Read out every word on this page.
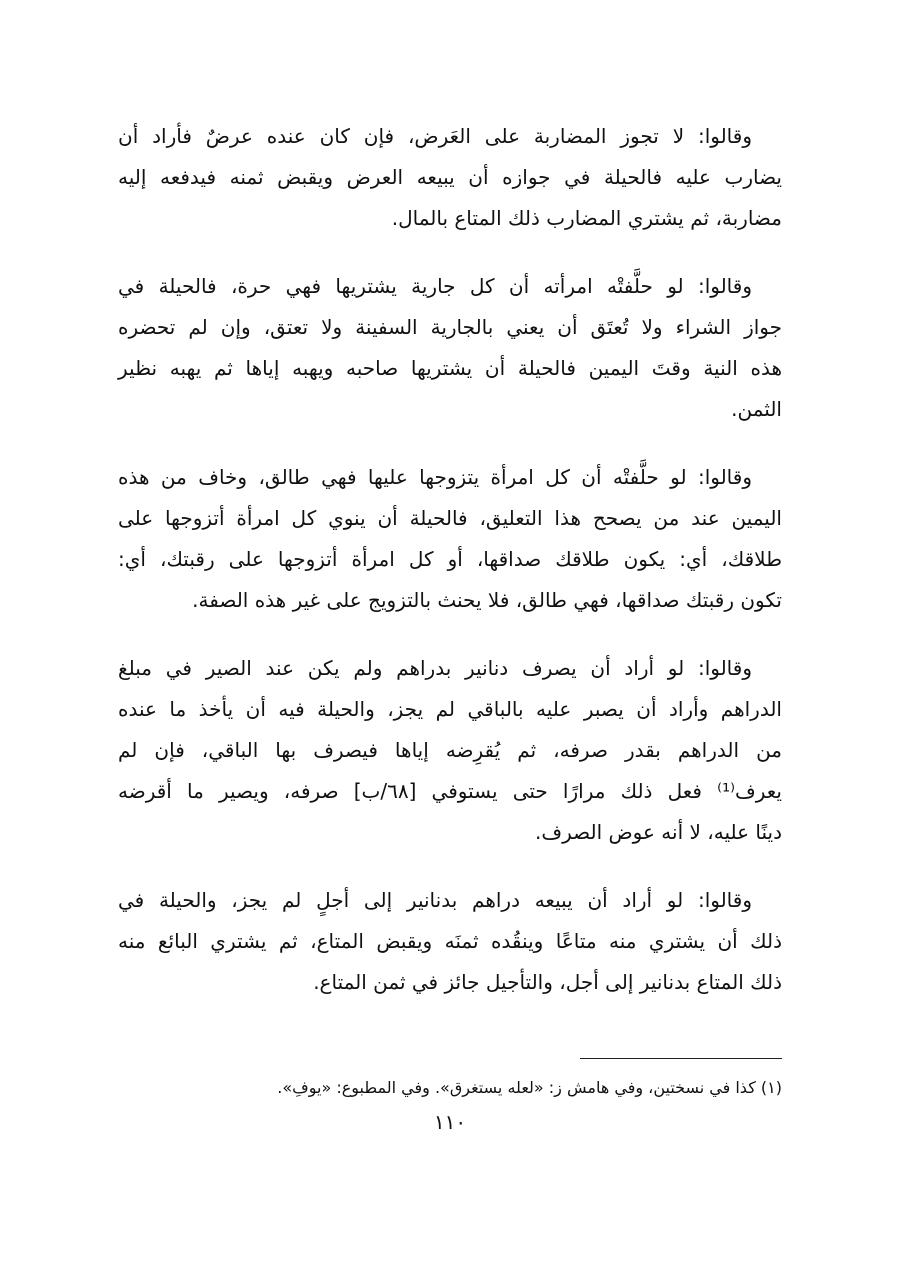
وقالوا: لا تجوز المضاربة على العَرض، فإن كان عنده عرضٌ فأراد أن
يضارب عليه فالحيلة في جوازه أن يبيعه العرض ويقبض ثمنه فيدفعه إليه
مضاربة، ثم يشتري المضارب ذلك المتاع بالمال.
وقالوا: لو حلَّفتْه امرأته أن كل جارية يشتريها فهي حرة، فالحيلة في
جواز الشراء ولا تُعتَق أن يعني بالجارية السفينة ولا تعتق، وإن لم تحضره
هذه النية وقتَ اليمين فالحيلة أن يشتريها صاحبه ويهبه إياها ثم يهبه نظير
الثمن.
وقالوا: لو حلَّفتْه أن كل امرأة يتزوجها عليها فهي طالق، وخاف من هذه
اليمين عند من يصحح هذا التعليق، فالحيلة أن ينوي كل امرأة أتزوجها على
طلاقك، أي: يكون طلاقك صداقها، أو كل امرأة أتزوجها على رقبتك، أي:
تكون رقبتك صداقها، فهي طالق، فلا يحنث بالتزويج على غير هذه الصفة.
وقالوا: لو أراد أن يصرف دنانير بدراهم ولم يكن عند الصير في مبلغ
الدراهم وأراد أن يصبر عليه بالباقي لم يجز، والحيلة فيه أن يأخذ ما عنده
من الدراهم بقدر صرفه، ثم يُقرِضه إياها فيصرف بها الباقي، فإن لم
يعرف⁽¹⁾ فعل ذلك مرارًا حتى يستوفي [٦٨/ب] صرفه، ويصير ما أقرضه
دينًا عليه، لا أنه عوض الصرف.
وقالوا: لو أراد أن يبيعه دراهم بدنانير إلى أجلٍ لم يجز، والحيلة في
ذلك أن يشتري منه متاعًا وينقُده ثمنَه ويقبض المتاع، ثم يشتري البائع منه
ذلك المتاع بدنانير إلى أجل، والتأجيل جائز في ثمن المتاع.
(١) كذا في نسختين، وفي هامش ز: «لعله يستغرق». وفي المطبوع: «يوفِ».
١١٠
